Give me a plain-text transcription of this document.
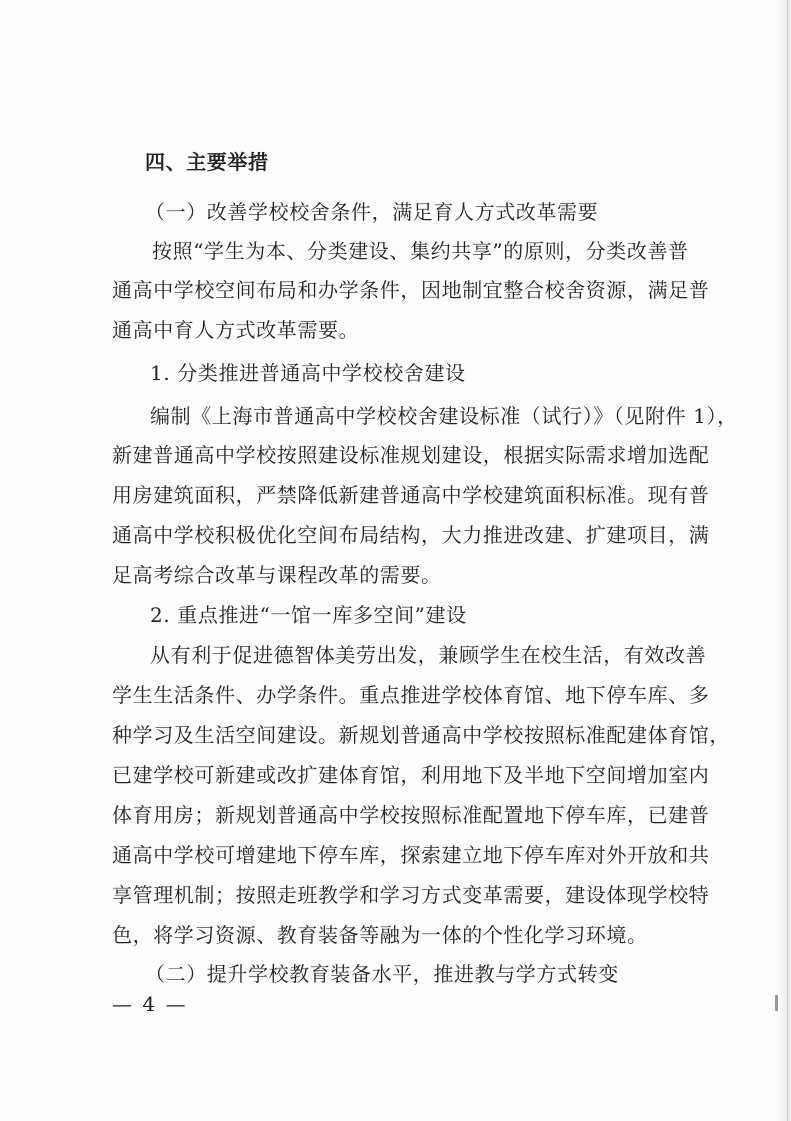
四、主要举措
（一）改善学校校舍条件，满足育人方式改革需要
按照“学生为本、分类建设、集约共享”的原则，分类改善普
通高中学校空间布局和办学条件，因地制宜整合校舍资源，满足普
通高中育人方式改革需要。
1. 分类推进普通高中学校校舍建设
编制《上海市普通高中学校校舍建设标准（试行）》（见附件 1），
新建普通高中学校按照建设标准规划建设，根据实际需求增加选配
用房建筑面积，严禁降低新建普通高中学校建筑面积标准。现有普
通高中学校积极优化空间布局结构，大力推进改建、扩建项目，满
足高考综合改革与课程改革的需要。
2. 重点推进“一馆一库多空间”建设
从有利于促进德智体美劳出发，兼顾学生在校生活，有效改善
学生生活条件、办学条件。重点推进学校体育馆、地下停车库、多
种学习及生活空间建设。新规划普通高中学校按照标准配建体育馆，
已建学校可新建或改扩建体育馆，利用地下及半地下空间增加室内
体育用房；新规划普通高中学校按照标准配置地下停车库，已建普
通高中学校可增建地下停车库，探索建立地下停车库对外开放和共
享管理机制；按照走班教学和学习方式变革需要，建设体现学校特
色，将学习资源、教育装备等融为一体的个性化学习环境。
（二）提升学校教育装备水平，推进教与学方式转变
— 4 —
